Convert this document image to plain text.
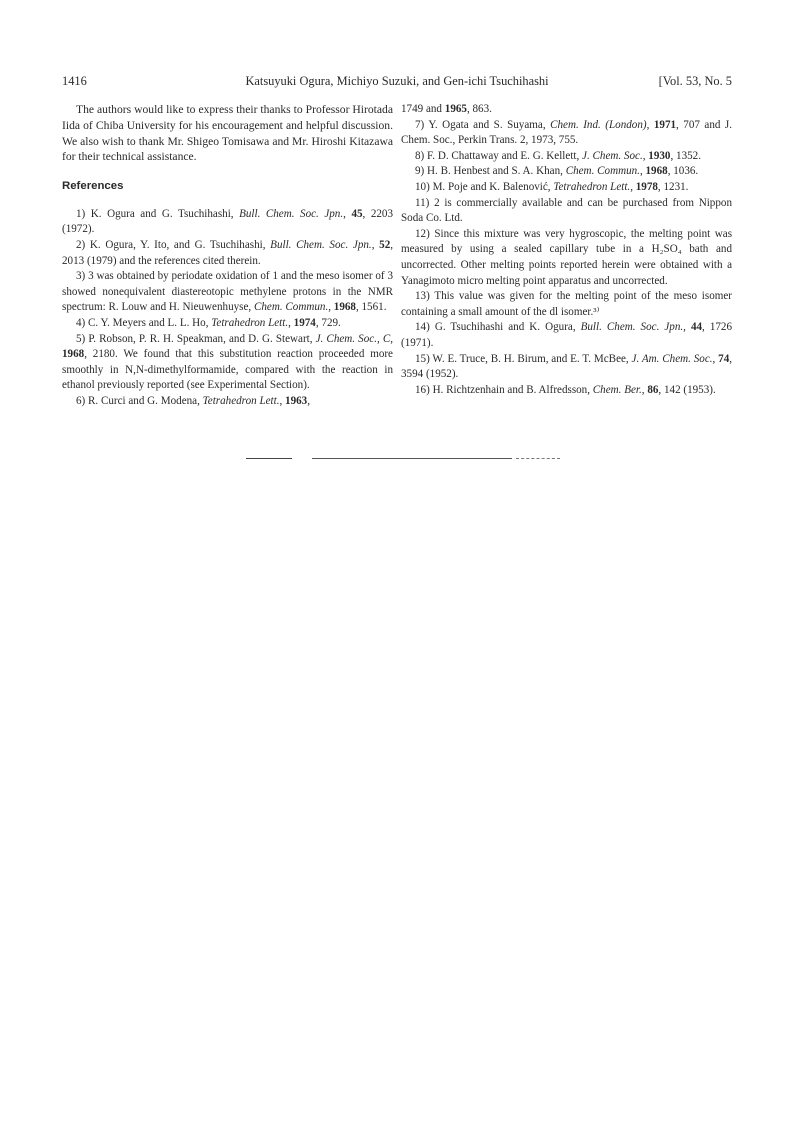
1416	Katsuyuki Ogura, Michiyo Suzuki, and Gen-ichi Tsuchihashi	[Vol. 53, No. 5

The authors would like to express their thanks to Professor Hirotada Iida of Chiba University for his encouragement and helpful discussion. We also wish to thank Mr. Shigeo Tomisawa and Mr. Hiroshi Kitazawa for their technical assistance.

References

1) K. Ogura and G. Tsuchihashi, Bull. Chem. Soc. Jpn., 45, 2203 (1972).

2) K. Ogura, Y. Ito, and G. Tsuchihashi, Bull. Chem. Soc. Jpn., 52, 2013 (1979) and the references cited therein.

3) 3 was obtained by periodate oxidation of 1 and the meso isomer of 3 showed nonequivalent diastereotopic methylene protons in the NMR spectrum: R. Louw and H. Nieuwenhuyse, Chem. Commun., 1968, 1561.

4) C. Y. Meyers and L. L. Ho, Tetrahedron Lett., 1974, 729.

5) P. Robson, P. R. H. Speakman, and D. G. Stewart, J. Chem. Soc., C, 1968, 2180. We found that this substitution reaction proceeded more smoothly in N,N-dimethylformamide, compared with the reaction in ethanol previously reported (see Experimental Section).

6) R. Curci and G. Modena, Tetrahedron Lett., 1963,

1749 and 1965, 863.

7) Y. Ogata and S. Suyama, Chem. Ind. (London), 1971, 707 and J. Chem. Soc., Perkin Trans. 2, 1973, 755.

8) F. D. Chattaway and E. G. Kellett, J. Chem. Soc., 1930, 1352.

9) H. B. Henbest and S. A. Khan, Chem. Commun., 1968, 1036.

10) M. Poje and K. Balenović, Tetrahedron Lett., 1978, 1231.

11) 2 is commercially available and can be purchased from Nippon Soda Co. Ltd.

12) Since this mixture was very hygroscopic, the melting point was measured by using a sealed capillary tube in a H₂SO₄ bath and uncorrected. Other melting points reported herein were obtained with a Yanagimoto micro melting point apparatus and uncorrected.

13) This value was given for the melting point of the meso isomer containing a small amount of the dl isomer.³⁾

14) G. Tsuchihashi and K. Ogura, Bull. Chem. Soc. Jpn., 44, 1726 (1971).

15) W. E. Truce, B. H. Birum, and E. T. McBee, J. Am. Chem. Soc., 74, 3594 (1952).

16) H. Richtzenhain and B. Alfredsson, Chem. Ber., 86, 142 (1953).
